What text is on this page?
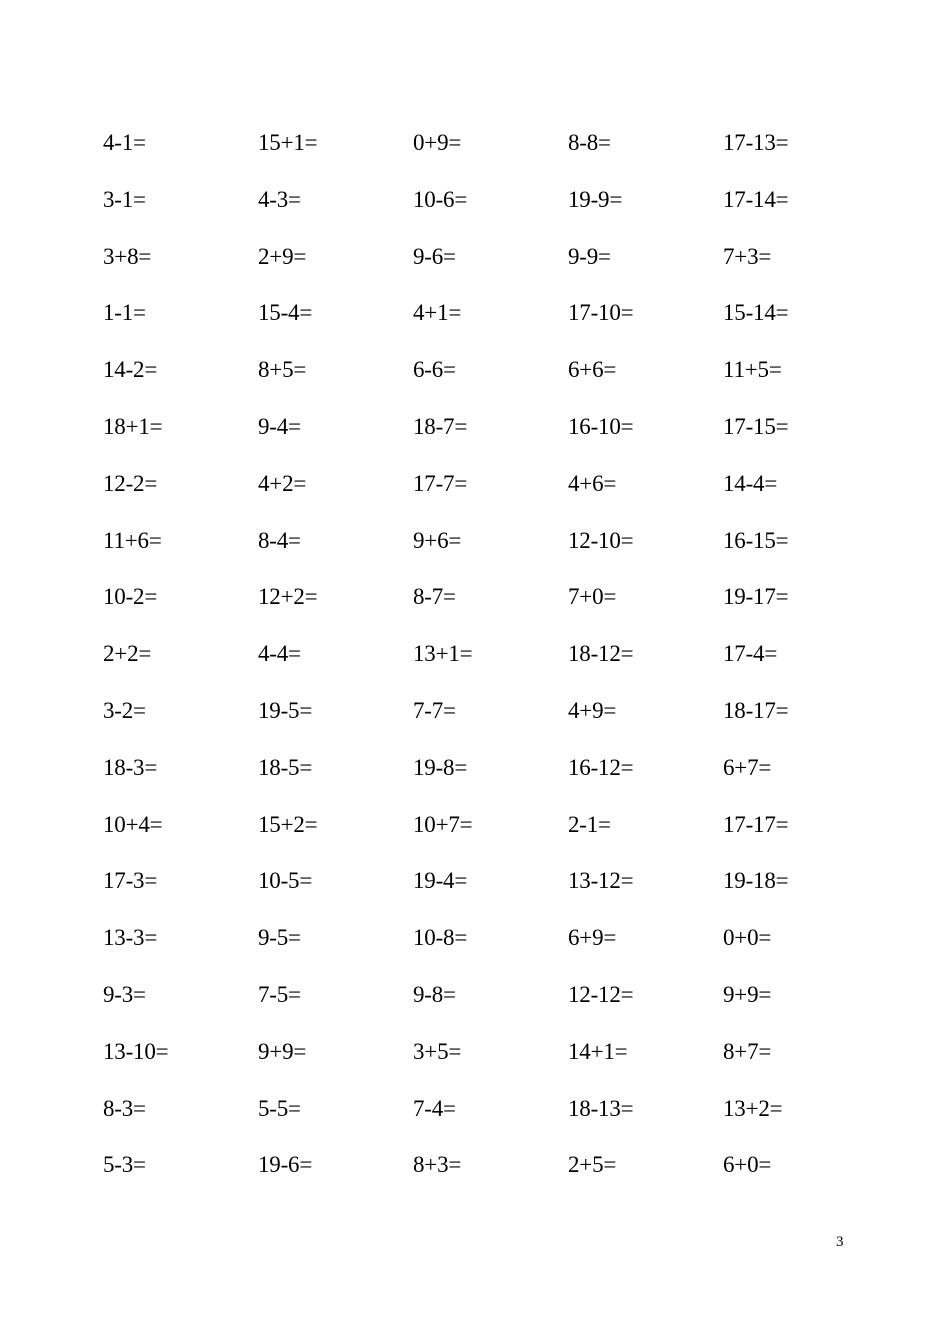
4-1=	15+1=	0+9=	8-8=	17-13=
3-1=	4-3=	10-6=	19-9=	17-14=
3+8=	2+9=	9-6=	9-9=	7+3=
1-1=	15-4=	4+1=	17-10=	15-14=
14-2=	8+5=	6-6=	6+6=	11+5=
18+1=	9-4=	18-7=	16-10=	17-15=
12-2=	4+2=	17-7=	4+6=	14-4=
11+6=	8-4=	9+6=	12-10=	16-15=
10-2=	12+2=	8-7=	7+0=	19-17=
2+2=	4-4=	13+1=	18-12=	17-4=
3-2=	19-5=	7-7=	4+9=	18-17=
18-3=	18-5=	19-8=	16-12=	6+7=
10+4=	15+2=	10+7=	2-1=	17-17=
17-3=	10-5=	19-4=	13-12=	19-18=
13-3=	9-5=	10-8=	6+9=	0+0=
9-3=	7-5=	9-8=	12-12=	9+9=
13-10=	9+9=	3+5=	14+1=	8+7=
8-3=	5-5=	7-4=	18-13=	13+2=
5-3=	19-6=	8+3=	2+5=	6+0=
3
